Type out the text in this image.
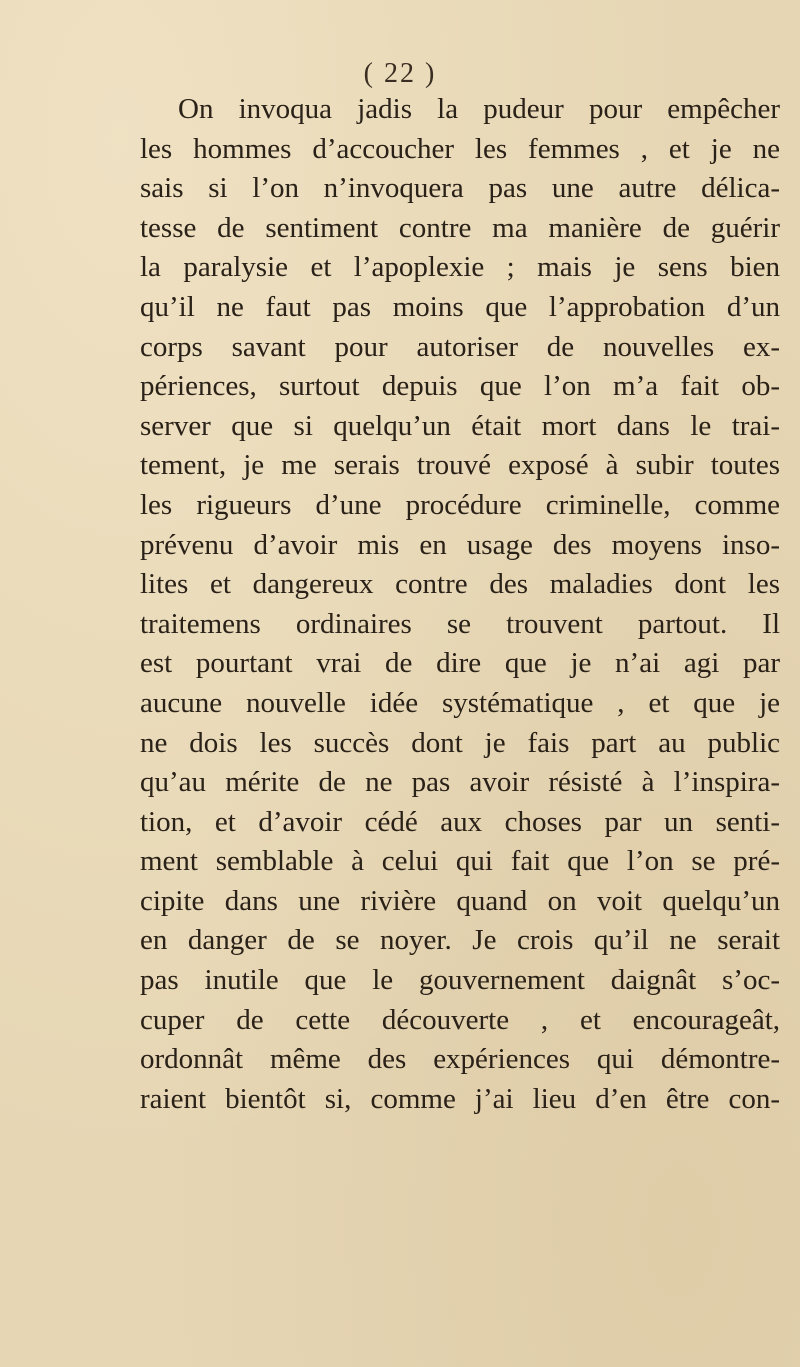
( 22 )
On invoqua jadis la pudeur pour empêcher
les hommes d’accoucher les femmes , et je ne
sais si l’on n’invoquera pas une autre délica-
tesse de sentiment contre ma manière de guérir
la paralysie et l’apoplexie ; mais je sens bien
qu’il ne faut pas moins que l’approbation d’un
corps savant pour autoriser de nouvelles ex-
périences, surtout depuis que l’on m’a fait ob-
server que si quelqu’un était mort dans le trai-
tement, je me serais trouvé exposé à subir toutes
les rigueurs d’une procédure criminelle, comme
prévenu d’avoir mis en usage des moyens inso-
lites et dangereux contre des maladies dont les
traitemens ordinaires se trouvent partout. Il
est pourtant vrai de dire que je n’ai agi par
aucune nouvelle idée systématique , et que je
ne dois les succès dont je fais part au public
qu’au mérite de ne pas avoir résisté à l’inspira-
tion, et d’avoir cédé aux choses par un senti-
ment semblable à celui qui fait que l’on se pré-
cipite dans une rivière quand on voit quelqu’un
en danger de se noyer. Je crois qu’il ne serait
pas inutile que le gouvernement daignât s’oc-
cuper de cette découverte , et encourageât,
ordonnât même des expériences qui démontre-
raient bientôt si, comme j’ai lieu d’en être con-
